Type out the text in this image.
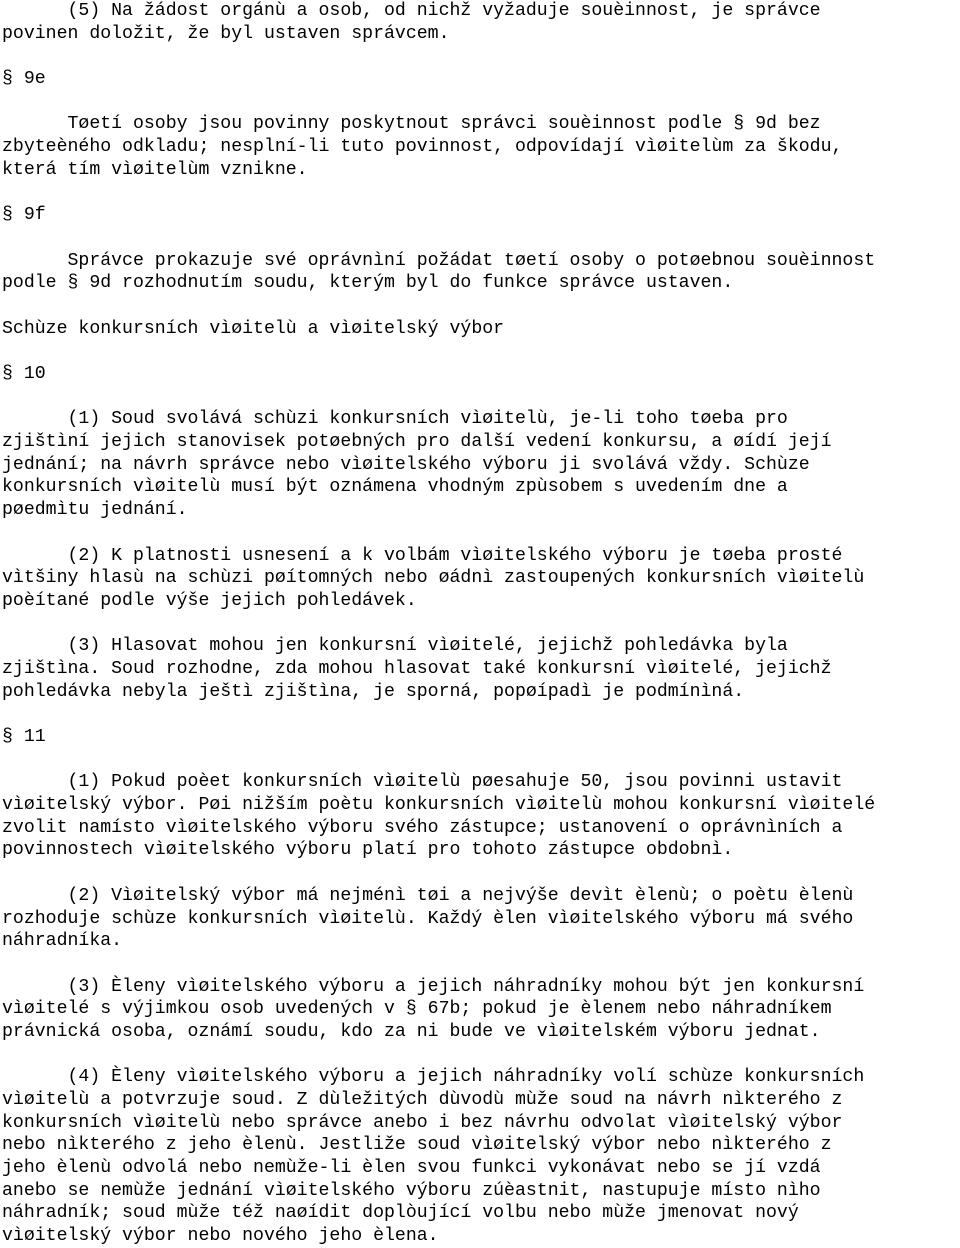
(5) Na žádost orgánù a osob, od nichž vyžaduje souèinnost, je správce
povinen doložit, že byl ustaven správcem.
§ 9e
Tøetí osoby jsou povinny poskytnout správci souèinnost podle § 9d bez
zbyteèného odkladu; nesplní-li tuto povinnost, odpovídají vìøitelùm za škodu,
která tím vìøitelùm vznikne.
§ 9f
Správce prokazuje své oprávnìní požádat tøetí osoby o potøebnou souèinnost
podle § 9d rozhodnutím soudu, kterým byl do funkce správce ustaven.
Schùze konkursních vìøitelù a vìøitelský výbor
§ 10
(1) Soud svolává schùzi konkursních vìøitelù, je-li toho tøeba pro
zjištìní jejich stanovisek potøebných pro další vedení konkursu, a øídí její
jednání; na návrh správce nebo vìøitelského výboru ji svolává vždy. Schùze
konkursních vìøitelù musí být oznámena vhodným zpùsobem s uvedením dne a
pøedmìtu jednání.
(2) K platnosti usnesení a k volbám vìøitelského výboru je tøeba prosté
vìtšiny hlasù na schùzi pøítomných nebo øádnì zastoupených konkursních vìøitelù
poèítané podle výše jejich pohledávek.
(3) Hlasovat mohou jen konkursní vìøitelé, jejichž pohledávka byla
zjištìna. Soud rozhodne, zda mohou hlasovat také konkursní vìøitelé, jejichž
pohledávka nebyla ještì zjištìna, je sporná, popøípadì je podmínìná.
§ 11
(1) Pokud poèet konkursních vìøitelù pøesahuje 50, jsou povinni ustavit
vìøitelský výbor. Pøi nižším poètu konkursních vìøitelù mohou konkursní vìøitelé
zvolit namísto vìøitelského výboru svého zástupce; ustanovení o oprávnìních a
povinnostech vìøitelského výboru platí pro tohoto zástupce obdobnì.
(2) Vìøitelský výbor má nejménì tøi a nejvýše devìt èlenù; o poètu èlenù
rozhoduje schùze konkursních vìøitelù. Každý èlen vìøitelského výboru má svého
náhradníka.
(3) Èleny vìøitelského výboru a jejich náhradníky mohou být jen konkursní
vìøitelé s výjimkou osob uvedených v § 67b; pokud je èlenem nebo náhradníkem
právnická osoba, oznámí soudu, kdo za ni bude ve vìøitelském výboru jednat.
(4) Èleny vìøitelského výboru a jejich náhradníky volí schùze konkursních
vìøitelù a potvrzuje soud. Z dùležitých dùvodù mùže soud na návrh nìkterého z
konkursních vìøitelù nebo správce anebo i bez návrhu odvolat vìøitelský výbor
nebo nìkterého z jeho èlenù. Jestliže soud vìøitelský výbor nebo nìkterého z
jeho èlenù odvolá nebo nemùže-li èlen svou funkci vykonávat nebo se jí vzdá
anebo se nemùže jednání vìøitelského výboru zúèastnit, nastupuje místo nìho
náhradník; soud mùže též naøídit doplòující volbu nebo mùže jmenovat nový
vìøitelský výbor nebo nového jeho èlena.
